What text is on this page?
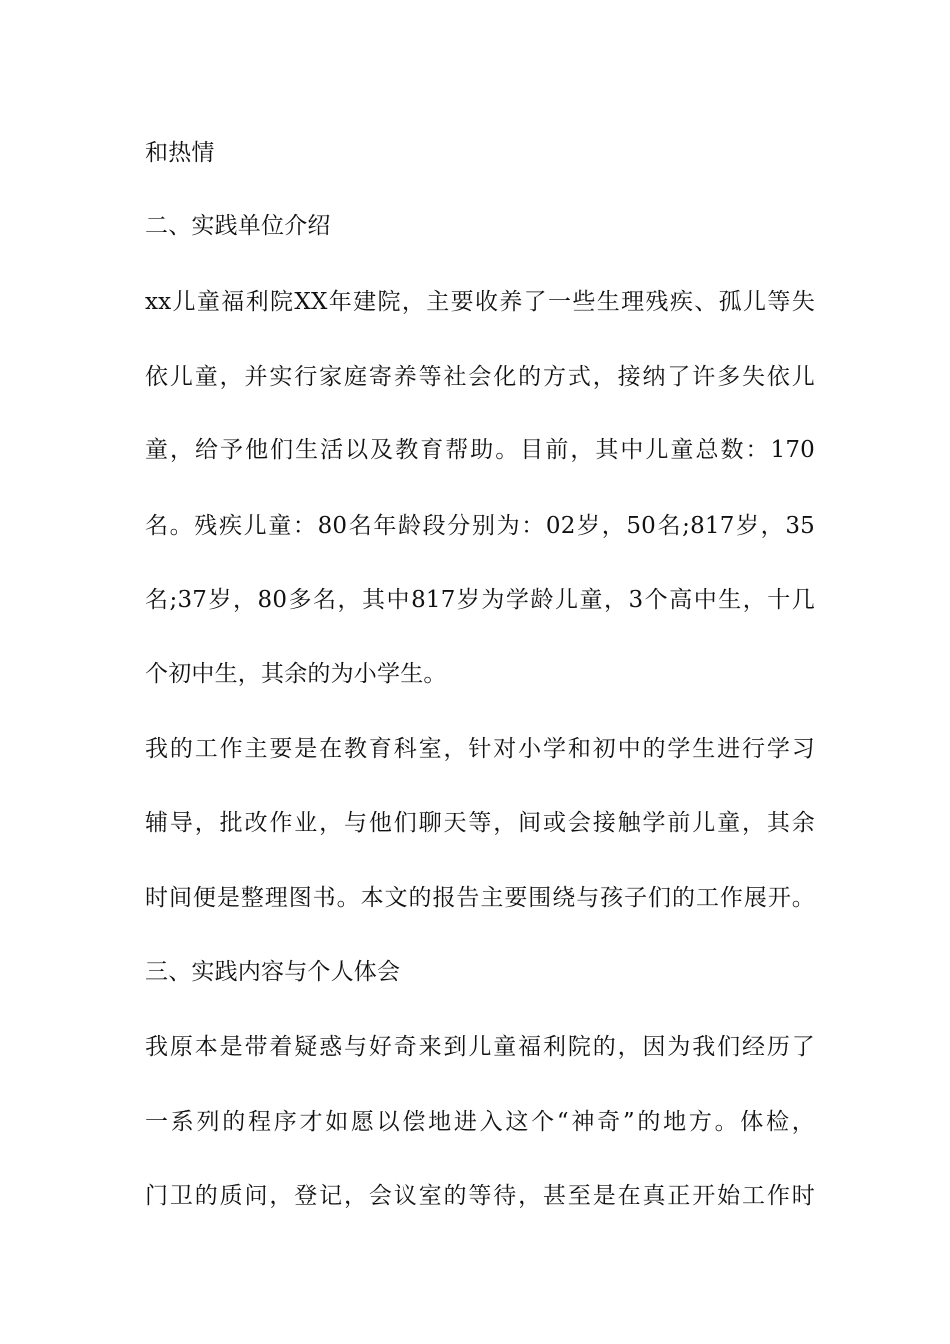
和热情
二、实践单位介绍
xx儿童福利院XX年建院，主要收养了一些生理残疾、孤儿等失
依儿童，并实行家庭寄养等社会化的方式，接纳了许多失依儿
童，给予他们生活以及教育帮助。目前，其中儿童总数：170
名。残疾儿童：80名年龄段分别为：02岁，50名;817岁，35
名;37岁，80多名，其中817岁为学龄儿童，3个高中生，十几
个初中生，其余的为小学生。
我的工作主要是在教育科室，针对小学和初中的学生进行学习
辅导，批改作业，与他们聊天等，间或会接触学前儿童，其余
时间便是整理图书。本文的报告主要围绕与孩子们的工作展开。
三、实践内容与个人体会
我原本是带着疑惑与好奇来到儿童福利院的，因为我们经历了
一系列的程序才如愿以偿地进入这个“神奇”的地方。体检，
门卫的质问，登记，会议室的等待，甚至是在真正开始工作时
